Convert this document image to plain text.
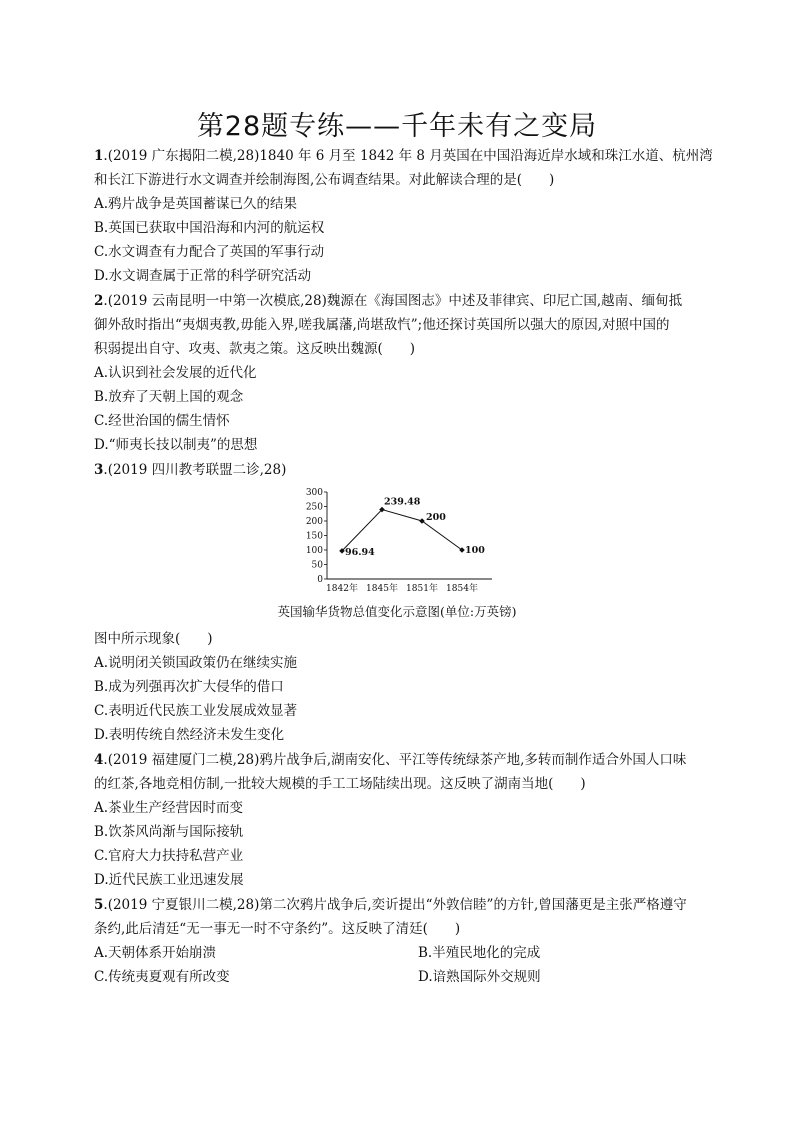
第28题专练——千年未有之变局
1.(2019 广东揭阳二模,28)1840 年 6 月至 1842 年 8 月英国在中国沿海近岸水域和珠江水道、杭州湾
和长江下游进行水文调查并绘制海图,公布调查结果。对此解读合理的是(　　)
A.鸦片战争是英国蓄谋已久的结果
B.英国已获取中国沿海和内河的航运权
C.水文调查有力配合了英国的军事行动
D.水文调查属于正常的科学研究活动
2.(2019 云南昆明一中第一次模底,28)魏源在《海国图志》中述及菲律宾、印尼亡国,越南、缅甸抵
御外敌时指出“夷烟夷教,毋能入界,嗟我属藩,尚堪敌忾”;他还探讨英国所以强大的原因,对照中国的
积弱提出自守、攻夷、款夷之策。这反映出魏源(　　)
A.认识到社会发展的近代化
B.放弃了天朝上国的观念
C.经世治国的儒生情怀
D.“师夷长技以制夷”的思想
3.(2019 四川教考联盟二诊,28)
0
50
100
150
200
250
300
1842年 1845年 1851年 1854年
96.94
239.48
200
100
英国输华货物总值变化示意图(单位:万英镑)
图中所示现象(　　)
A.说明闭关锁国政策仍在继续实施
B.成为列强再次扩大侵华的借口
C.表明近代民族工业发展成效显著
D.表明传统自然经济未发生变化
4.(2019 福建厦门二模,28)鸦片战争后,湖南安化、平江等传统绿茶产地,多转而制作适合外国人口味
的红茶,各地竞相仿制,一批较大规模的手工工场陆续出现。这反映了湖南当地(　　)
A.茶业生产经营因时而变
B.饮茶风尚渐与国际接轨
C.官府大力扶持私营产业
D.近代民族工业迅速发展
5.(2019 宁夏银川二模,28)第二次鸦片战争后,奕䜣提出“外敦信睦”的方针,曾国藩更是主张严格遵守
条约,此后清廷“无一事无一时不守条约”。这反映了清廷(　　)
A.天朝体系开始崩溃	B.半殖民地化的完成
C.传统夷夏观有所改变	D.谙熟国际外交规则
